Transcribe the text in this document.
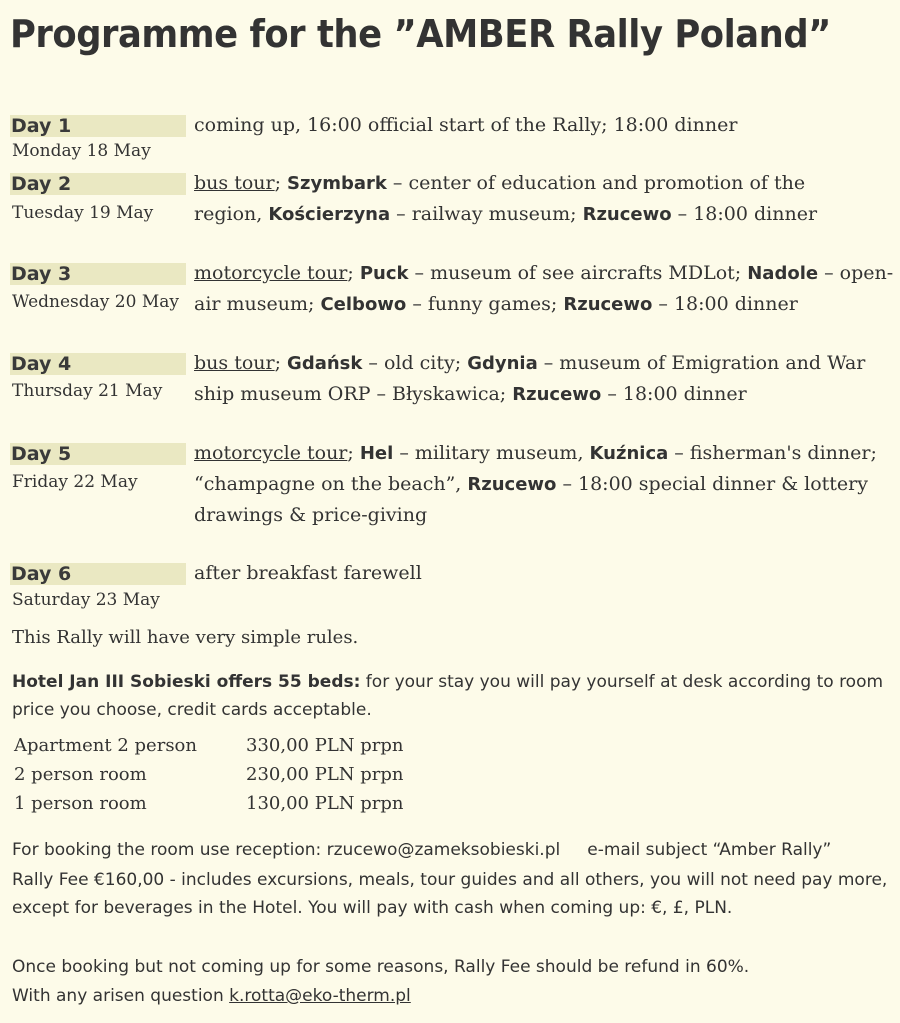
Programme for the ”AMBER Rally Poland”
Day 1
Monday 18 May
coming up, 16:00 official start of the Rally; 18:00 dinner
Day 2
Tuesday 19 May
bus tour; Szymbark – center of education and promotion of the region, Kościerzyna – railway museum; Rzucewo – 18:00 dinner
Day 3
Wednesday 20 May
motorcycle tour; Puck – museum of see aircrafts MDLot; Nadole – open-air museum; Celbowo – funny games; Rzucewo – 18:00 dinner
Day 4
Thursday 21 May
bus tour; Gdańsk – old city; Gdynia – museum of Emigration and War ship museum ORP – Błyskawica; Rzucewo – 18:00 dinner
Day 5
Friday 22 May
motorcycle tour; Hel – military museum, Kuźnica – fisherman's dinner; “champagne on the beach”, Rzucewo – 18:00 special dinner & lottery drawings & price-giving
Day 6
Saturday 23 May
after breakfast farewell
This Rally will have very simple rules.
Hotel Jan III Sobieski offers 55 beds: for your stay you will pay yourself at desk according to room price you choose, credit cards acceptable.
Apartment 2 person	330,00 PLN prpn
2 person room	230,00 PLN prpn
1 person room	130,00 PLN prpn
For booking the room use reception: rzucewo@zameksobieski.pl     e-mail subject “Amber Rally”
Rally Fee €160,00 - includes excursions, meals, tour guides and all others, you will not need pay more, except for beverages in the Hotel. You will pay with cash when coming up: €, £, PLN.
Once booking but not coming up for some reasons, Rally Fee should be refund in 60%.
With any arisen question k.rotta@eko-therm.pl
